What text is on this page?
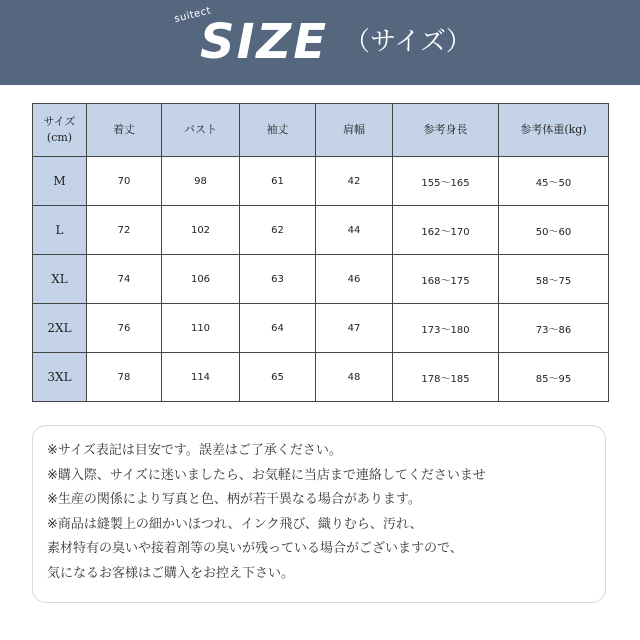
suitect
SIZE （サイズ）
サイズ
(cm)	着丈	バスト	袖丈	肩幅	参考身長	参考体重(kg)
M	70	98	61	42	155～165	45～50
L	72	102	62	44	162～170	50～60
XL	74	106	63	46	168～175	58～75
2XL	76	110	64	47	173～180	73～86
3XL	78	114	65	48	178～185	85～95
※サイズ表記は目安です。誤差はご了承ください。
※購入際、サイズに迷いましたら、お気軽に当店まで連絡してくださいませ
※生産の関係により写真と色、柄が若干異なる場合があります。
※商品は縫製上の細かいほつれ、インク飛び、織りむら、汚れ、
素材特有の臭いや接着剤等の臭いが残っている場合がございますので、
気になるお客様はご購入をお控え下さい。
